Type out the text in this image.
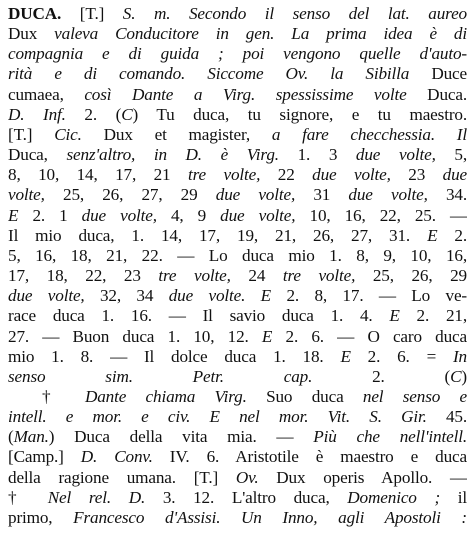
DUCA. [T.] S. m. Secondo il senso del lat. aureo
Dux valeva Conducitore in gen. La prima idea è di
compagnia e di guida ; poi vengono quelle d'auto-
rità e di comando. Siccome Ov. la Sibilla Duce
cumaea, così Dante a Virg. spessissime volte Duca.
D. Inf. 2. (C) Tu duca, tu signore, e tu maestro.
[T.] Cic. Dux et magister, a fare checchessia. Il
Duca, senz'altro, in D. è Virg. 1. 3 due volte, 5,
8, 10, 14, 17, 21 tre volte, 22 due volte, 23 due
volte, 25, 26, 27, 29 due volte, 31 due volte, 34.
E 2. 1 due volte, 4, 9 due volte, 10, 16, 22, 25. —
Il mio duca, 1. 14, 17, 19, 21, 26, 27, 31. E 2.
5, 16, 18, 21, 22. — Lo duca mio 1. 8, 9, 10, 16,
17, 18, 22, 23 tre volte, 24 tre volte, 25, 26, 29
due volte, 32, 34 due volte. E 2. 8, 17. — Lo ve-
race duca 1. 16. — Il savio duca 1. 4. E 2. 21,
27. — Buon duca 1. 10, 12. E 2. 6. — O caro duca
mio 1. 8. — Il dolce duca 1. 18. E 2. 6. = In
senso sim. Petr. cap. 2. (C)
† Dante chiama Virg. Suo duca nel senso e
intell. e mor. e civ. E nel mor. Vit. S. Gir. 45.
(Man.) Duca della vita mia. — Più che nell'intell.
[Camp.] D. Conv. IV. 6. Aristotile è maestro e duca
della ragione umana. [T.] Ov. Dux operis Apollo. —
† Nel rel. D. 3. 12. L'altro duca, Domenico ; il
primo, Francesco d'Assisi. Un Inno, agli Apostoli :
